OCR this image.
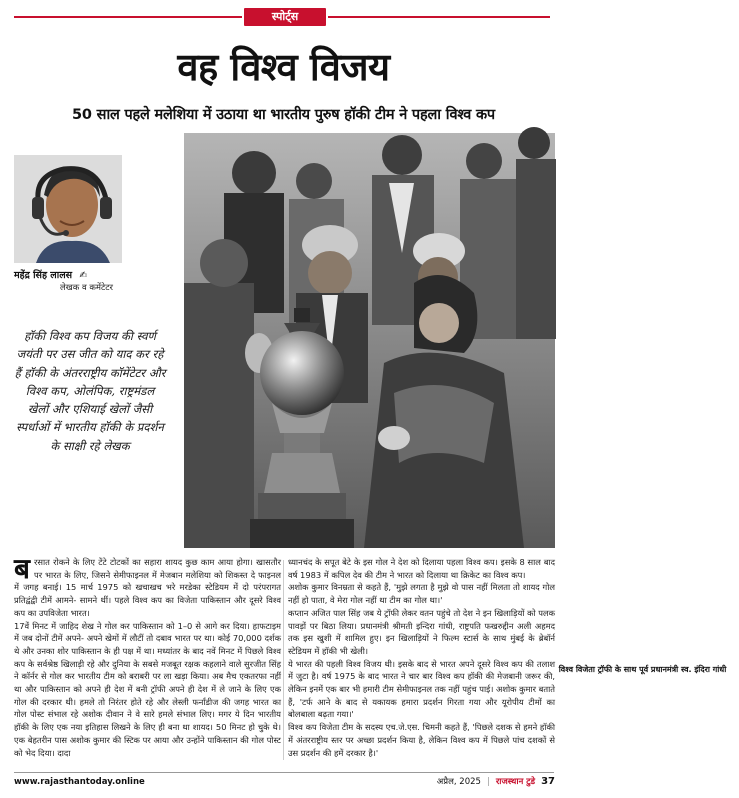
स्पोर्ट्स
वह विश्व विजय
50 साल पहले मलेशिया में उठाया था भारतीय पुरुष हॉकी टीम ने पहला विश्व कप
महेंद्र सिंह लालस ✍
लेखक व कमेंटेटर
हॉकी विश्व कप विजय की स्वर्ण जयंती पर उस जीत को याद कर रहे हैं हॉकी के अंतरराष्ट्रीय कॉमेंटेटर और विश्व कप, ओलंपिक, राष्ट्रमंडल खेलों और एशियाई खेलों जैसी स्पर्धाओं में भारतीय हॉकी के प्रदर्शन के साक्षी रहे लेखक
विश्व विजेता ट्रॉफी के साथ पूर्व प्रधानमंत्री स्व. इंदिरा गांधी
ब रसात रोकने के लिए टेंटे टोटकों का सहारा शायद कुछ काम आया होगा। खासतौर पर भारत के लिए, जिसने सेमीफाइनल में मेजबान मलेशिया को शिकस्त दे फाइनल में जगह बनाई। 15 मार्च 1975 को खचाखच भरे मरडेका स्टेडियम में दो परंपरागत प्रतिद्वंद्वी टीमें आमने- सामने थीं। पहले विश्व कप का विजेता पाकिस्तान और दूसरे विश्व कप का उपविजेता भारत।

17वें मिनट में जाहिद शेख ने गोल कर पाकिस्तान को 1–0 से आगे कर दिया। हाफटाइम में जब दोनों टीमें अपने- अपने खेमों में लौटीं तो दबाव भारत पर था। कोई 70,000 दर्शक थे और उनका शोर पाकिस्तान के ही पक्ष में था। मध्यांतर के बाद नवें मिनट में पिछले विश्व कप के सर्वश्रेष्ठ खिलाड़ी रहे और दुनिया के सबसे मजबूत रक्षक कहलाने वाले सुरजीत सिंह ने कॉर्नर से गोल कर भारतीय टीम को बराबरी पर ला खड़ा किया। अब मैच एकतरफा नहीं था और पाकिस्तान को अपने ही देश में बनी ट्रॉफी अपने ही देश में ले जाने के लिए एक गोल की दरकार थी। हमले तो निरंतर होते रहे और लेस्ली फर्नांडीज की जगह भारत का गोल पोस्ट संभाल रहे अशोक दीवान ने वे सारे हमले संभाल लिए। मगर ये दिन भारतीय हॉकी के लिए एक नया इतिहास लिखने के लिए ही बना था शायद। 50 मिनट हो चुके थे। एक बेहतरीन पास अशोक कुमार की स्टिक पर आया और उन्होंने पाकिस्तान की गोल पोस्ट को भेद दिया। दादा

ध्यानचंद के सपूत बेटे के इस गोल ने देश को दिलाया पहला विश्व कप। इसके 8 साल बाद वर्ष 1983 में कपिल देव की टीम ने भारत को दिलाया था क्रिकेट का विश्व कप।

अशोक कुमार विनम्रता से कहते हैं, 'मुझे लगता है मुझे वो पास नहीं मिलता तो शायद गोल नहीं हो पाता, वे मेरा गोल नहीं था टीम का गोल था।'

कप्तान अजित पाल सिंह जब ये ट्रॉफी लेकर वतन पहुंचे तो देश ने इन खिलाड़ियों को पलक पावड़ों पर बिठा लिया। प्रधानमंत्री श्रीमती इन्दिरा गांधी, राष्ट्रपति फखरुद्दीन अली अहमद तक इस खुशी में शामिल हुए। इन खिलाड़ियों ने फिल्म स्टार्स के साथ मुंबई के ब्रेबॉर्न स्टेडियम में हॉकी भी खेली।

ये भारत की पहली विश्व विजय थी। इसके बाद से भारत अपने दूसरे विश्व कप की तलाश में जुटा है। वर्ष 1975 के बाद भारत ने चार बार विश्व कप हॉकी की मेजबानी जरूर की, लेकिन इनमें एक बार भी हमारी टीम सेमीफाइनल तक नहीं पहुंच पाई। अशोक कुमार बताते हैं, 'टर्फ आने के बाद से यकायक हमारा प्रदर्शन गिरता गया और यूरोपीय टीमों का बोलबाला बढ़ता गया।'

विश्व कप विजेता टीम के सदस्य एच.जे.एस. चिमनी कहते हैं, 'पिछले दशक से हमने हॉकी में अंतरराष्ट्रीय स्तर पर अच्छा प्रदर्शन किया है, लेकिन विश्व कप में पिछले पांच दशकों से उस प्रदर्शन की हमें दरकार है।'

www.rajasthantoday.online	अप्रैल, 2025 | राजस्थान टुडे 37
